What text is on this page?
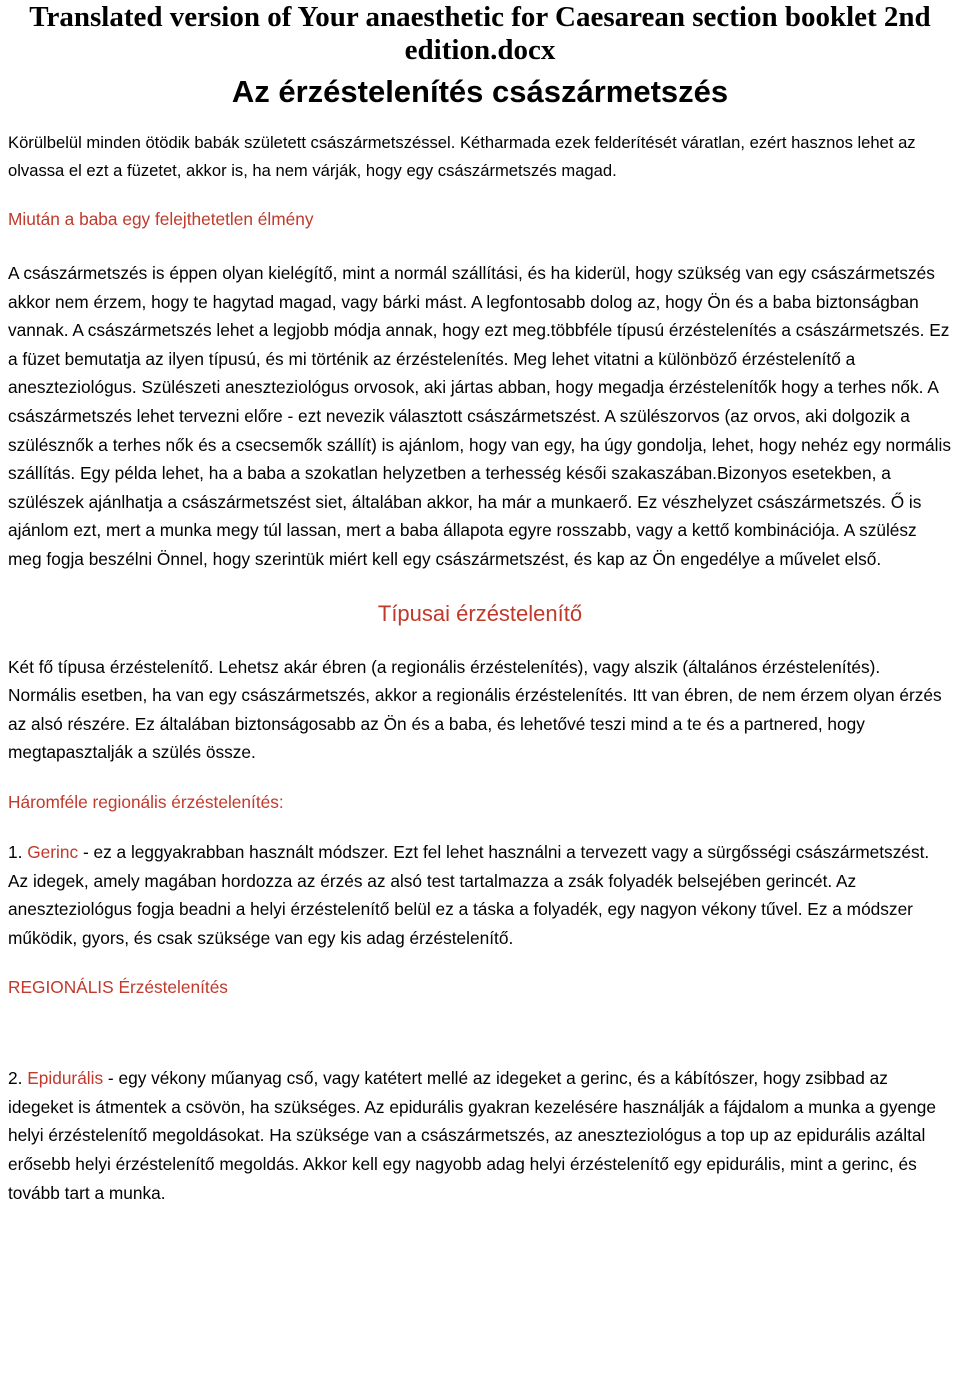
Translated version of Your anaesthetic for Caesarean section booklet 2nd edition.docx
Az érzéstelenítés császármetszés

Körülbelül minden ötödik babák született császármetszéssel. Kétharmada ezek felderítését váratlan, ezért hasznos lehet az olvassa el ezt a füzetet, akkor is, ha nem várják, hogy egy császármetszés magad.

Miután a baba egy felejthetetlen élmény

A császármetszés is éppen olyan kielégítő, mint a normál szállítási, és ha kiderül, hogy szükség van egy császármetszés akkor nem érzem, hogy te hagytad magad, vagy bárki mást. A legfontosabb dolog az, hogy Ön és a baba biztonságban vannak. A császármetszés lehet a legjobb módja annak, hogy ezt meg.többféle típusú érzéstelenítés a császármetszés. Ez a füzet bemutatja az ilyen típusú, és mi történik az érzéstelenítés. Meg lehet vitatni a különböző érzéstelenítő a aneszteziológus. Szülészeti aneszteziológus orvosok, aki jártas abban, hogy megadja érzéstelenítők hogy a terhes nők. A császármetszés lehet tervezni előre - ezt nevezik választott császármetszést. A szülészorvos (az orvos, aki dolgozik a szülésznők a terhes nők és a csecsemők szállít) is ajánlom, hogy van egy, ha úgy gondolja, lehet, hogy nehéz egy normális szállítás. Egy példa lehet, ha a baba a szokatlan helyzetben a terhesség késői szakaszában.Bizonyos esetekben, a szülészek ajánlhatja a császármetszést siet, általában akkor, ha már a munkaerő. Ez vészhelyzet császármetszés. Ő is ajánlom ezt, mert a munka megy túl lassan, mert a baba állapota egyre rosszabb, vagy a kettő kombinációja. A szülész meg fogja beszélni Önnel, hogy szerintük miért kell egy császármetszést, és kap az Ön engedélye a művelet első.

Típusai érzéstelenítő

Két fő típusa érzéstelenítő. Lehetsz akár ébren (a regionális érzéstelenítés), vagy alszik (általános érzéstelenítés). Normális esetben, ha van egy császármetszés, akkor a regionális érzéstelenítés. Itt van ébren, de nem érzem olyan érzés az alsó részére. Ez általában biztonságosabb az Ön és a baba, és lehetővé teszi mind a te és a partnered, hogy megtapasztalják a szülés össze.

Háromféle regionális érzéstelenítés:

1. Gerinc - ez a leggyakrabban használt módszer. Ezt fel lehet használni a tervezett vagy a sürgősségi császármetszést. Az idegek, amely magában hordozza az érzés az alsó test tartalmazza a zsák folyadék belsejében gerincét. Az aneszteziológus fogja beadni a helyi érzéstelenítő belül ez a táska a folyadék, egy nagyon vékony tűvel. Ez a módszer működik, gyors, és csak szüksége van egy kis adag érzéstelenítő.

REGIONÁLIS Érzéstelenítés

2. Epidurális - egy vékony műanyag cső, vagy katétert mellé az idegeket a gerinc, és a kábítószer, hogy zsibbad az idegeket is átmentek a csövön, ha szükséges. Az epidurális gyakran kezelésére használják a fájdalom a munka a gyenge helyi érzéstelenítő megoldásokat. Ha szüksége van a császármetszés, az aneszteziológus a top up az epidurális azáltal erősebb helyi érzéstelenítő megoldás. Akkor kell egy nagyobb adag helyi érzéstelenítő egy epidurális, mint a gerinc, és tovább tart a munka.
